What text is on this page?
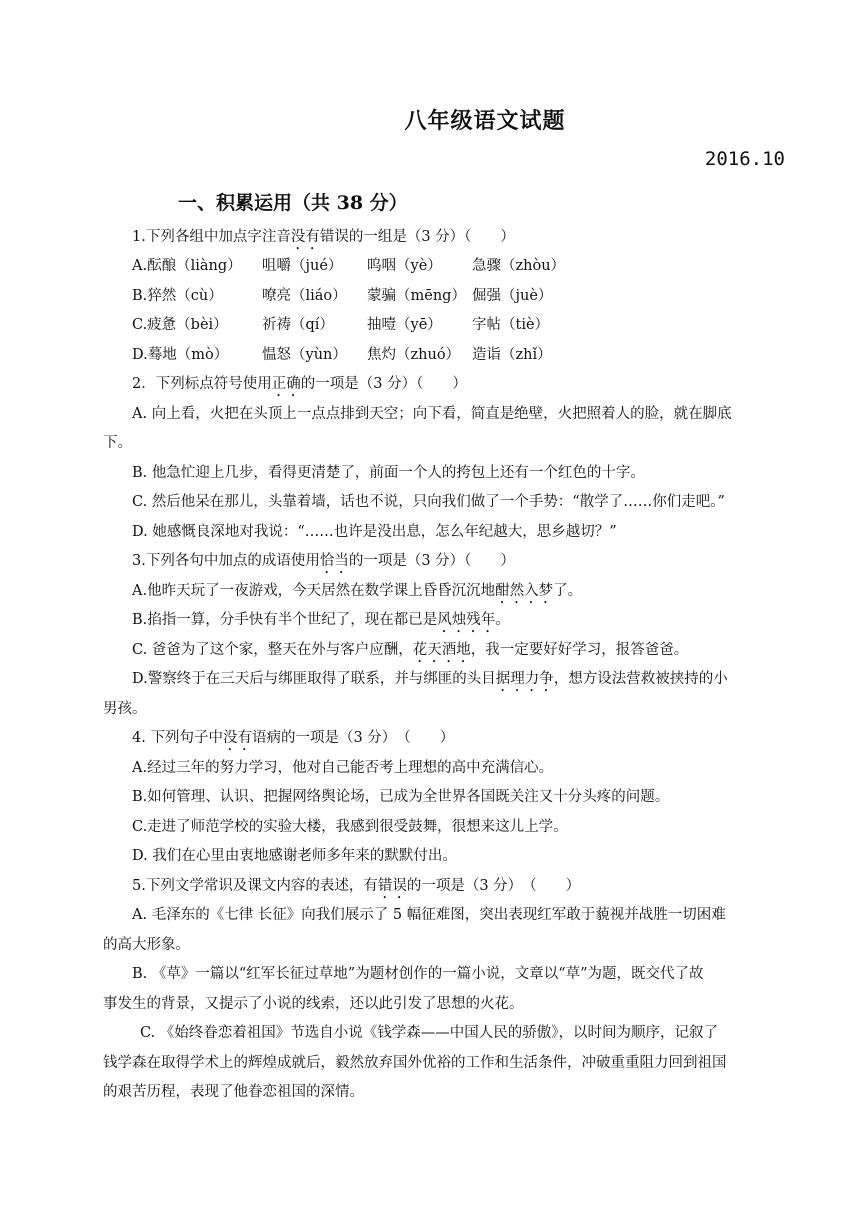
八年级语文试题
2016.10
一、积累运用（共 38 分）
1.下列各组中加点字注音没有错误的一组是（3 分）（　　）
A.酝酿（liàng） 咀嚼（jué） 呜咽（yè） 急骤（zhòu）
B.猝然（cù）	嘹亮（liáo） 蒙骗（mēng） 倔强（juè）
C.疲惫（bèi） 祈祷（qí） 抽噎（yē） 字帖（tiè）
D.蓦地（mò） 愠怒（yùn） 焦灼（zhuó） 造诣（zhǐ）
2．下列标点符号使用正确的一项是（3 分）（　　）
A. 向上看，火把在头顶上一点点排到天空；向下看，简直是绝壁，火把照着人的脸，就在脚底
下。
B. 他急忙迎上几步，看得更清楚了，前面一个人的挎包上还有一个红色的十字。
C. 然后他呆在那儿，头靠着墙，话也不说，只向我们做了一个手势：“散学了……你们走吧。”
D. 她感慨良深地对我说：“……也许是没出息，怎么年纪越大，思乡越切？”
3.下列各句中加点的成语使用恰当的一项是（3 分）（　　）
A.他昨天玩了一夜游戏，今天居然在数学课上昏昏沉沉地酣然入梦了。
B.掐指一算，分手快有半个世纪了，现在都已是风烛残年。
C. 爸爸为了这个家，整天在外与客户应酬，花天酒地，我一定要好好学习，报答爸爸。
D.警察终于在三天后与绑匪取得了联系，并与绑匪的头目据理力争，想方设法营救被挟持的小
男孩。
4. 下列句子中没有语病的一项是（3 分）　（　　）
A.经过三年的努力学习，他对自己能否考上理想的高中充满信心。
B.如何管理、认识、把握网络舆论场，已成为全世界各国既关注又十分头疼的问题。
C.走进了师范学校的实验大楼，我感到很受鼓舞，很想来这儿上学。
D. 我们在心里由衷地感谢老师多年来的默默付出。
5.下列文学常识及课文内容的表述，有错误的一项是（3 分）　（　　）
A. 毛泽东的《七律 长征》向我们展示了 5 幅征难图，突出表现红军敢于藐视并战胜一切困难
的高大形象。
B. 《草》一篇以“红军长征过草地”为题材创作的一篇小说，文章以“草”为题，既交代了故
事发生的背景，又提示了小说的线索，还以此引发了思想的火花。
C. 《始终眷恋着祖国》节选自小说《钱学森——中国人民的骄傲》，以时间为顺序，记叙了
钱学森在取得学术上的辉煌成就后，毅然放弃国外优裕的工作和生活条件，冲破重重阻力回到祖国
的艰苦历程，表现了他眷恋祖国的深情。
